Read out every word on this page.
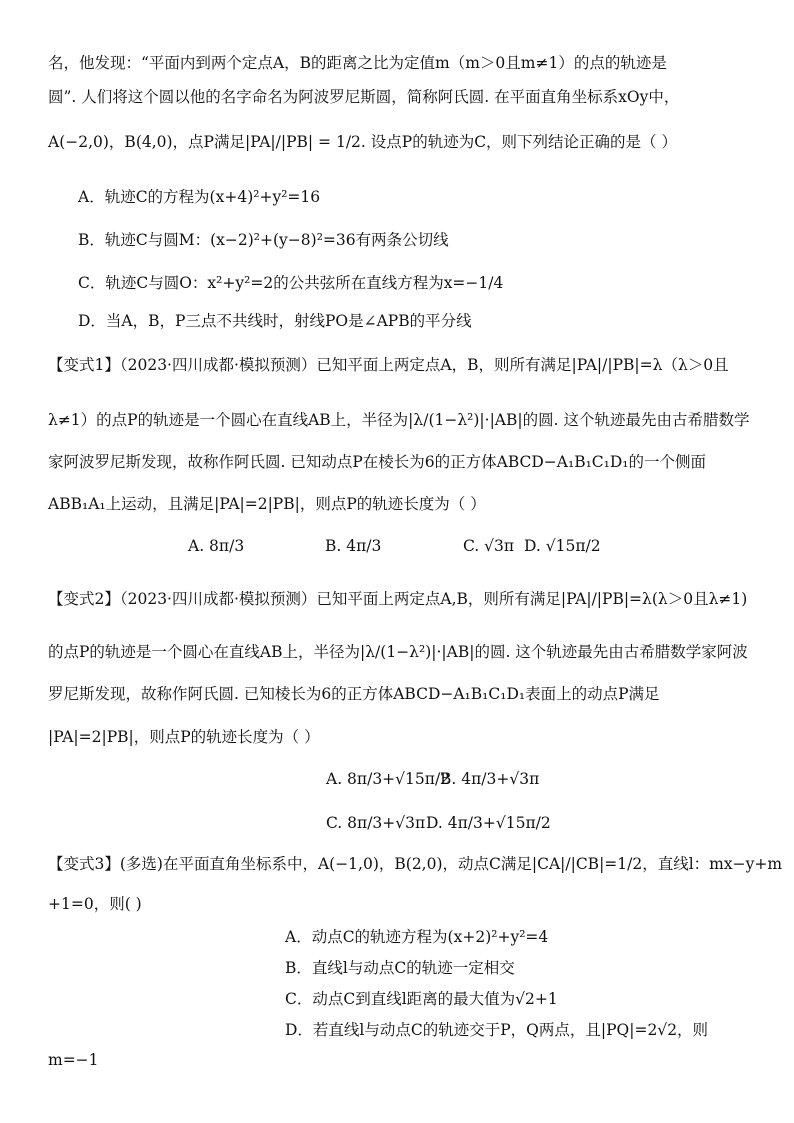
名，他发现：“平面内到两个定点A，B的距离之比为定值m（m＞0且m≠1）的点的轨迹是
圆”. 人们将这个圆以他的名字命名为阿波罗尼斯圆，简称阿氏圆. 在平面直角坐标系xOy中，
A(−2,0)，B(4,0)，点P满足|PA|/|PB| = 1/2. 设点P的轨迹为C，则下列结论正确的是（ ）
A．轨迹C的方程为(x+4)²+y²=16
B．轨迹C与圆M：(x−2)²+(y−8)²=36有两条公切线
C．轨迹C与圆O：x²+y²=2的公共弦所在直线方程为x=−1/4
D．当A，B，P三点不共线时，射线PO是∠APB的平分线
【变式1】（2023·四川成都·模拟预测）已知平面上两定点A，B，则所有满足|PA|/|PB|=λ（λ＞0且
λ≠1）的点P的轨迹是一个圆心在直线AB上，半径为|λ/(1−λ²)|·|AB|的圆. 这个轨迹最先由古希腊数学
家阿波罗尼斯发现，故称作阿氏圆. 已知动点P在棱长为6的正方体ABCD−A₁B₁C₁D₁的一个侧面
ABB₁A₁上运动，且满足|PA|=2|PB|，则点P的轨迹长度为（ ）
A. 8π/3	B. 4π/3	C. √3π D. √15π/2
【变式2】（2023·四川成都·模拟预测）已知平面上两定点A,B，则所有满足|PA|/|PB|=λ(λ＞0且λ≠1)
的点P的轨迹是一个圆心在直线AB上，半径为|λ/(1−λ²)|·|AB|的圆. 这个轨迹最先由古希腊数学家阿波
罗尼斯发现，故称作阿氏圆. 已知棱长为6的正方体ABCD−A₁B₁C₁D₁表面上的动点P满足
|PA|=2|PB|，则点P的轨迹长度为（ ）
A. 8π/3+√15π/2
B. 4π/3+√3π
C. 8π/3+√3π D. 4π/3+√15π/2
【变式3】(多选)在平面直角坐标系中，A(−1,0)，B(2,0)，动点C满足|CA|/|CB|=1/2，直线l：mx−y+m
+1=0，则( )
A．动点C的轨迹方程为(x+2)²+y²=4
B．直线l与动点C的轨迹一定相交
C．动点C到直线l距离的最大值为√2+1
D．若直线l与动点C的轨迹交于P，Q两点，且|PQ|=2√2，则
m=−1
